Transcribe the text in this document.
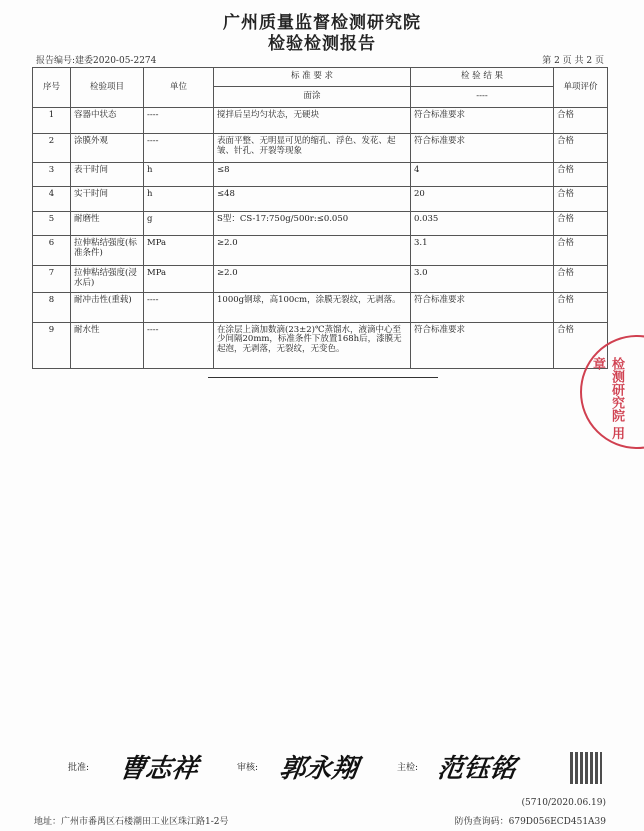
广州质量监督检测研究院
检验检测报告
报告编号:建委2020-05-2274	第 2 页 共 2 页
序号	检验项目	单位	标 准 要 求	检 验 结 果	单项评价
			面涂	----	
1	容器中状态	----	搅拌后呈均匀状态，无硬块	符合标准要求	合格
2	涂膜外观	----	表面平整、无明显可见的缩孔、浮色、发花、起皱、针孔、开裂等现象	符合标准要求	合格
3	表干时间	h	≤8	4	合格
4	实干时间	h	≤48	20	合格
5	耐磨性	g	S型：CS-17:750g/500r:≤0.050	0.035	合格
6	拉伸粘结强度(标准条件)	MPa	≥2.0	3.1	合格
7	拉伸粘结强度(浸水后)	MPa	≥2.0	3.0	合格
8	耐冲击性(重载)	----	1000g钢球，高100cm，涂膜无裂纹，无剥落。	符合标准要求	合格
9	耐水性	----	在涂层上滴加数滴(23±2)℃蒸馏水，液滴中心至少间隔20mm，标准条件下放置168h后，漆膜无起泡，无剥落，无裂纹，无变色。	符合标准要求	合格
检测研究院 用章
批准: 曹志祥	审核: 郭永翔	主检: 范钰铭
(5710/2020.06.19)
地址：广州市番禺区石楼潮田工业区珠江路1-2号	防伪查询码：679D056ECD451A39
